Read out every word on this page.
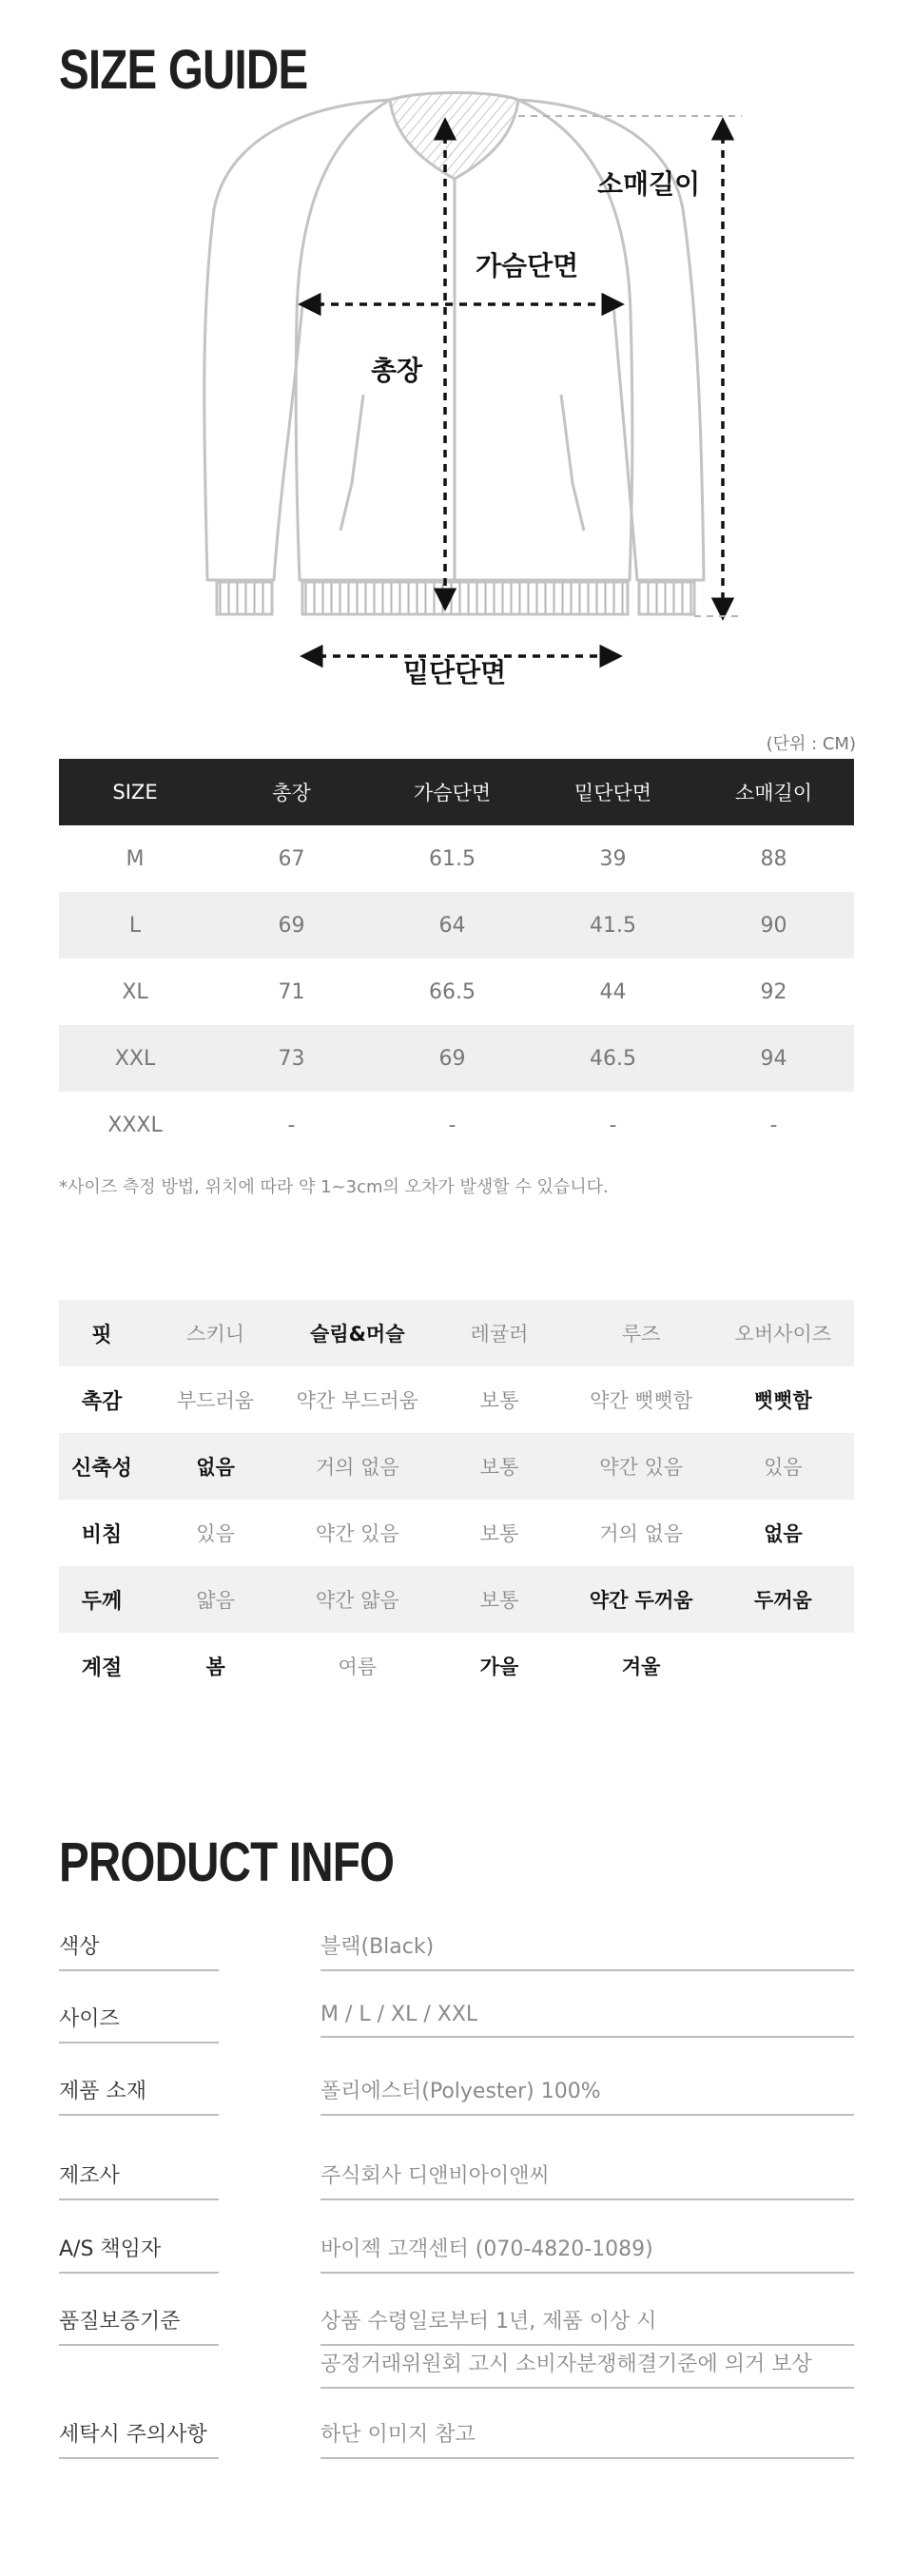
SIZE GUIDE
소매길이
가슴단면
총장
밑단단면
(단위 : CM)
SIZE	총장	가슴단면	밑단단면	소매길이
M	67	61.5	39	88
L	69	64	41.5	90
XL	71	66.5	44	92
XXL	73	69	46.5	94
XXXL	-	-	-	-
*사이즈 측정 방법, 위치에 따라 약 1~3cm의 오차가 발생할 수 있습니다.
핏	스키니	슬림&머슬	레귤러	루즈	오버사이즈
촉감	부드러움	약간 부드러움	보통	약간 뻣뻣함	뻣뻣함
신축성	없음	거의 없음	보통	약간 있음	있음
비침	있음	약간 있음	보통	거의 없음	없음
두께	얇음	약간 얇음	보통	약간 두꺼움	두꺼움
계절	봄	여름	가을	겨울	
PRODUCT INFO
색상	블랙(Black)
사이즈	M / L / XL / XXL
제품 소재	폴리에스터(Polyester) 100%
제조사	주식회사 디앤비아이앤씨
A/S 책임자	바이젝 고객센터 (070-4820-1089)
품질보증기준	상품 수령일로부터 1년, 제품 이상 시
공정거래위원회 고시 소비자분쟁해결기준에 의거 보상
세탁시 주의사항	하단 이미지 참고
